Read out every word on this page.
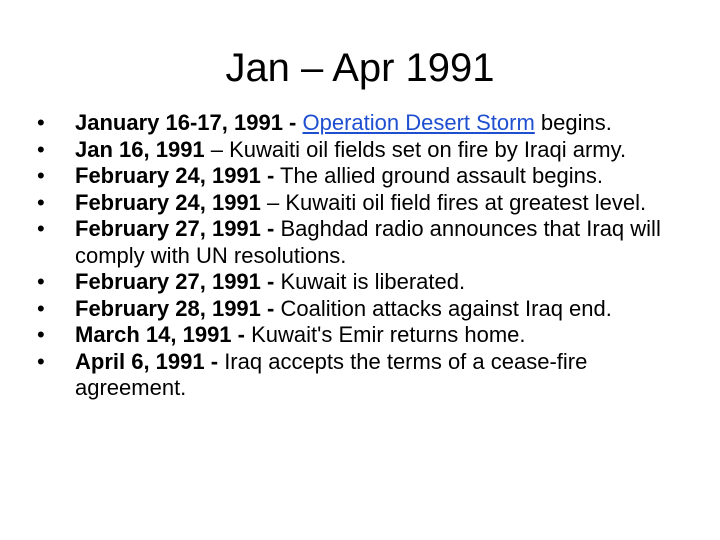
Jan – Apr 1991
•	January 16-17, 1991 - Operation Desert Storm begins.
•	Jan 16, 1991 – Kuwaiti oil fields set on fire by Iraqi army.
•	February 24, 1991 - The allied ground assault begins.
•	February 24, 1991 – Kuwaiti oil field fires at greatest level.
•	February 27, 1991 - Baghdad radio announces that Iraq will comply with UN resolutions.
•	February 27, 1991 - Kuwait is liberated.
•	February 28, 1991 - Coalition attacks against Iraq end.
•	March 14, 1991 - Kuwait's Emir returns home.
•	April 6, 1991 - Iraq accepts the terms of a cease-fire agreement.
